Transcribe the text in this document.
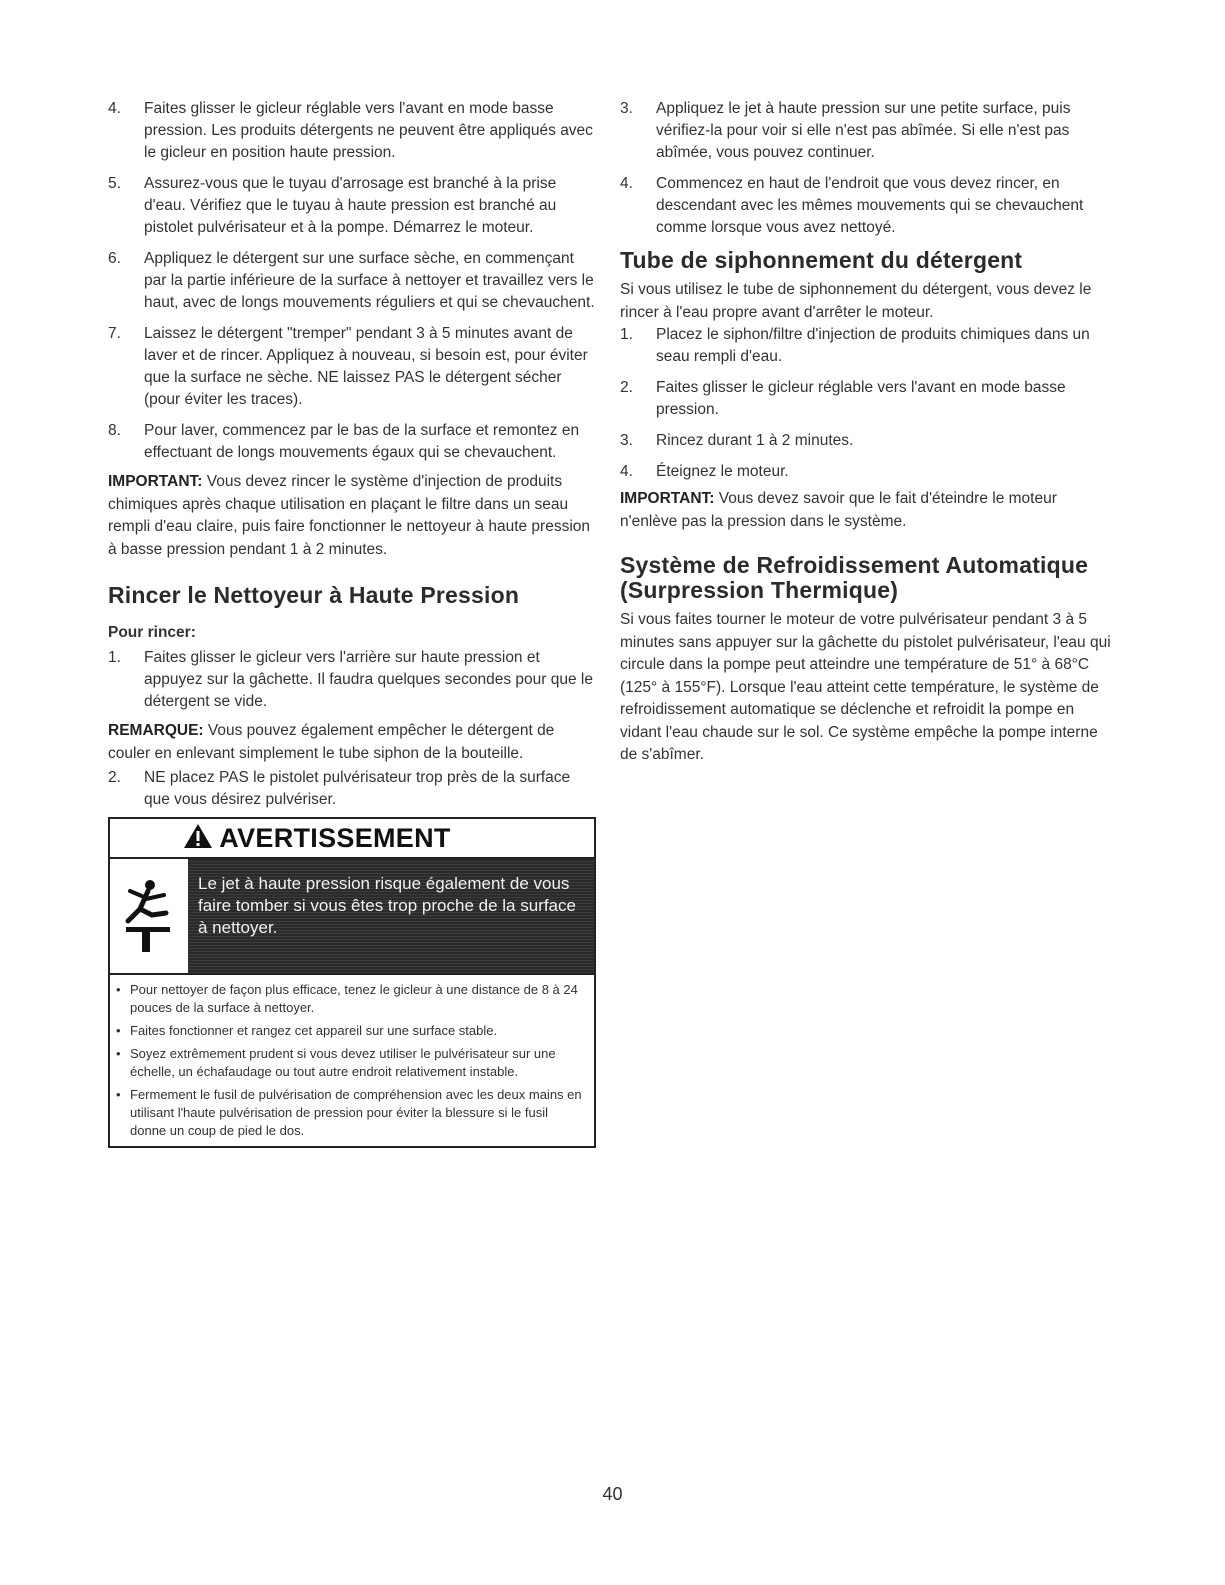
4. Faites glisser le gicleur réglable vers l'avant en mode basse pression. Les produits détergents ne peuvent être appliqués avec le gicleur en position haute pression.
5. Assurez-vous que le tuyau d'arrosage est branché à la prise d'eau. Vérifiez que le tuyau à haute pression est branché au pistolet pulvérisateur et à la pompe. Démarrez le moteur.
6. Appliquez le détergent sur une surface sèche, en commençant par la partie inférieure de la surface à nettoyer et travaillez vers le haut, avec de longs mouvements réguliers et qui se chevauchent.
7. Laissez le détergent "tremper" pendant 3 à 5 minutes avant de laver et de rincer. Appliquez à nouveau, si besoin est, pour éviter que la surface ne sèche. NE laissez PAS le détergent sécher (pour éviter les traces).
8. Pour laver, commencez par le bas de la surface et remontez en effectuant de longs mouvements égaux qui se chevauchent.

IMPORTANT: Vous devez rincer le système d'injection de produits chimiques après chaque utilisation en plaçant le filtre dans un seau rempli d'eau claire, puis faire fonctionner le nettoyeur à haute pression à basse pression pendant 1 à 2 minutes.

Rincer le Nettoyeur à Haute Pression
Pour rincer:
1. Faites glisser le gicleur vers l'arrière sur haute pression et appuyez sur la gâchette. Il faudra quelques secondes pour que le détergent se vide.

REMARQUE: Vous pouvez également empêcher le détergent de couler en enlevant simplement le tube siphon de la bouteille.

2. NE placez PAS le pistolet pulvérisateur trop près de la surface que vous désirez pulvériser.
AVERTISSEMENT
Le jet à haute pression risque également de vous faire tomber si vous êtes trop proche de la surface à nettoyer.
• Pour nettoyer de façon plus efficace, tenez le gicleur à une distance de 8 à 24 pouces de la surface à nettoyer.
• Faites fonctionner et rangez cet appareil sur une surface stable.
• Soyez extrêmement prudent si vous devez utiliser le pulvérisateur sur une échelle, un échafaudage ou tout autre endroit relativement instable.
• Fermement le fusil de pulvérisation de compréhension avec les deux mains en utilisant l'haute pulvérisation de pression pour éviter la blessure si le fusil donne un coup de pied le dos.
3. Appliquez le jet à haute pression sur une petite surface, puis vérifiez-la pour voir si elle n'est pas abîmée. Si elle n'est pas abîmée, vous pouvez continuer.
4. Commencez en haut de l'endroit que vous devez rincer, en descendant avec les mêmes mouvements qui se chevauchent comme lorsque vous avez nettoyé.
Tube de siphonnement du détergent

Si vous utilisez le tube de siphonnement du détergent, vous devez le rincer à l'eau propre avant d'arrêter le moteur.

1. Placez le siphon/filtre d'injection de produits chimiques dans un seau rempli d'eau.
2. Faites glisser le gicleur réglable vers l'avant en mode basse pression.
3. Rincez durant 1 à 2 minutes.
4. Éteignez le moteur.

IMPORTANT: Vous devez savoir que le fait d'éteindre le moteur n'enlève pas la pression dans le système.

Système de Refroidissement Automatique (Surpression Thermique)

Si vous faites tourner le moteur de votre pulvérisateur pendant 3 à 5 minutes sans appuyer sur la gâchette du pistolet pulvérisateur, l'eau qui circule dans la pompe peut atteindre une température de 51° à 68°C (125° à 155°F). Lorsque l'eau atteint cette température, le système de refroidissement automatique se déclenche et refroidit la pompe en vidant l'eau chaude sur le sol. Ce système empêche la pompe interne de s'abîmer.

40
